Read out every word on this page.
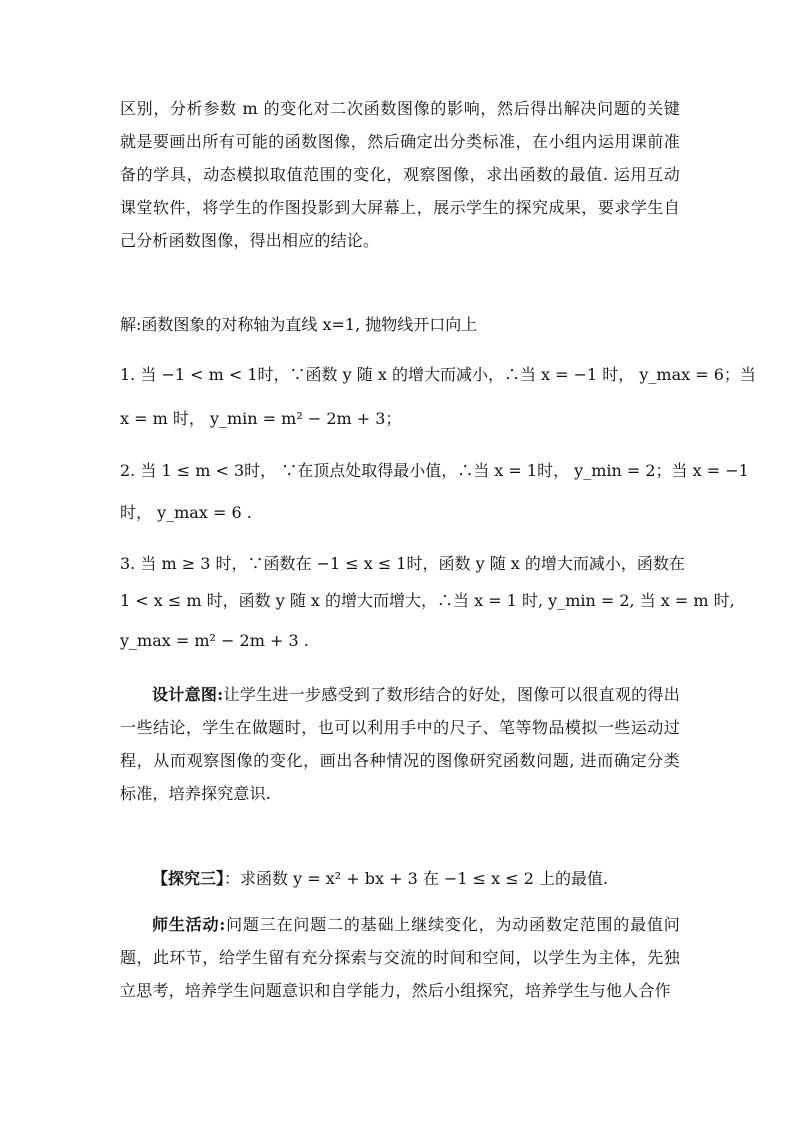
区别，分析参数 m 的变化对二次函数图像的影响，然后得出解决问题的关键就是要画出所有可能的函数图像，然后确定出分类标准，在小组内运用课前准备的学具，动态模拟取值范围的变化，观察图像，求出函数的最值. 运用互动课堂软件，将学生的作图投影到大屏幕上，展示学生的探究成果，要求学生自己分析函数图像，得出相应的结论。
解:函数图象的对称轴为直线 x=1, 抛物线开口向上
1. 当 −1 < m < 1时，∵函数 y 随 x 的增大而减小，∴当 x = −1 时， y_max = 6；当
x = m 时， y_min = m² − 2m + 3；
2. 当 1 ≤ m < 3时， ∵在顶点处取得最小值，∴当 x = 1时， y_min = 2；当 x = −1
时， y_max = 6 .
3. 当 m ≥ 3 时，∵函数在 −1 ≤ x ≤ 1时，函数 y 随 x 的增大而减小，函数在
1 < x ≤ m 时，函数 y 随 x 的增大而增大，∴当 x = 1 时, y_min = 2, 当 x = m 时,
y_max = m² − 2m + 3 .
设计意图:让学生进一步感受到了数形结合的好处，图像可以很直观的得出一些结论，学生在做题时，也可以利用手中的尺子、笔等物品模拟一些运动过程，从而观察图像的变化，画出各种情况的图像研究函数问题, 进而确定分类标准，培养探究意识.
【探究三】：求函数 y = x² + bx + 3 在 −1 ≤ x ≤ 2 上的最值.
师生活动:问题三在问题二的基础上继续变化，为动函数定范围的最值问题，此环节，给学生留有充分探索与交流的时间和空间，以学生为主体，先独立思考，培养学生问题意识和自学能力，然后小组探究，培养学生与他人合作
